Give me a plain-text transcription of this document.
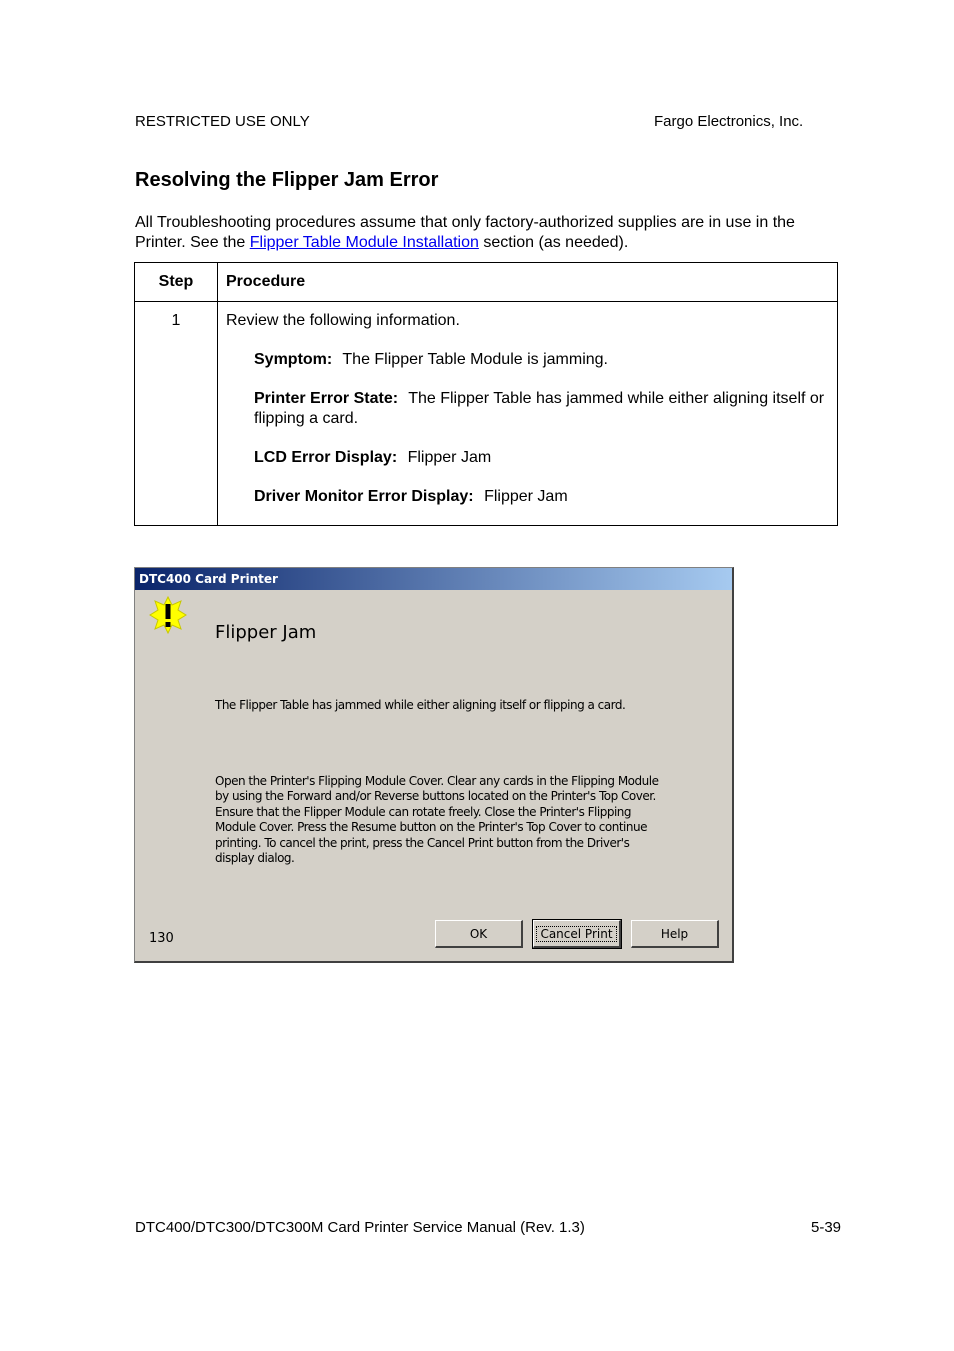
RESTRICTED USE ONLY	Fargo Electronics, Inc.
Resolving the Flipper Jam Error
All Troubleshooting procedures assume that only factory-authorized supplies are in use in the Printer. See the Flipper Table Module Installation section (as needed).
Step	Procedure
1	Review the following information.
Symptom: The Flipper Table Module is jamming.
Printer Error State: The Flipper Table has jammed while either aligning itself or flipping a card.
LCD Error Display: Flipper Jam
Driver Monitor Error Display: Flipper Jam
DTC400 Card Printer
Flipper Jam
The Flipper Table has jammed while either aligning itself or flipping a card.
Open the Printer's Flipping Module Cover. Clear any cards in the Flipping Module by using the Forward and/or Reverse buttons located on the Printer's Top Cover. Ensure that the Flipper Module can rotate freely. Close the Printer's Flipping Module Cover. Press the Resume button on the Printer's Top Cover to continue printing. To cancel the print, press the Cancel Print button from the Driver's display dialog.
130	OK	Cancel Print	Help
DTC400/DTC300/DTC300M Card Printer Service Manual (Rev. 1.3)	5-39
